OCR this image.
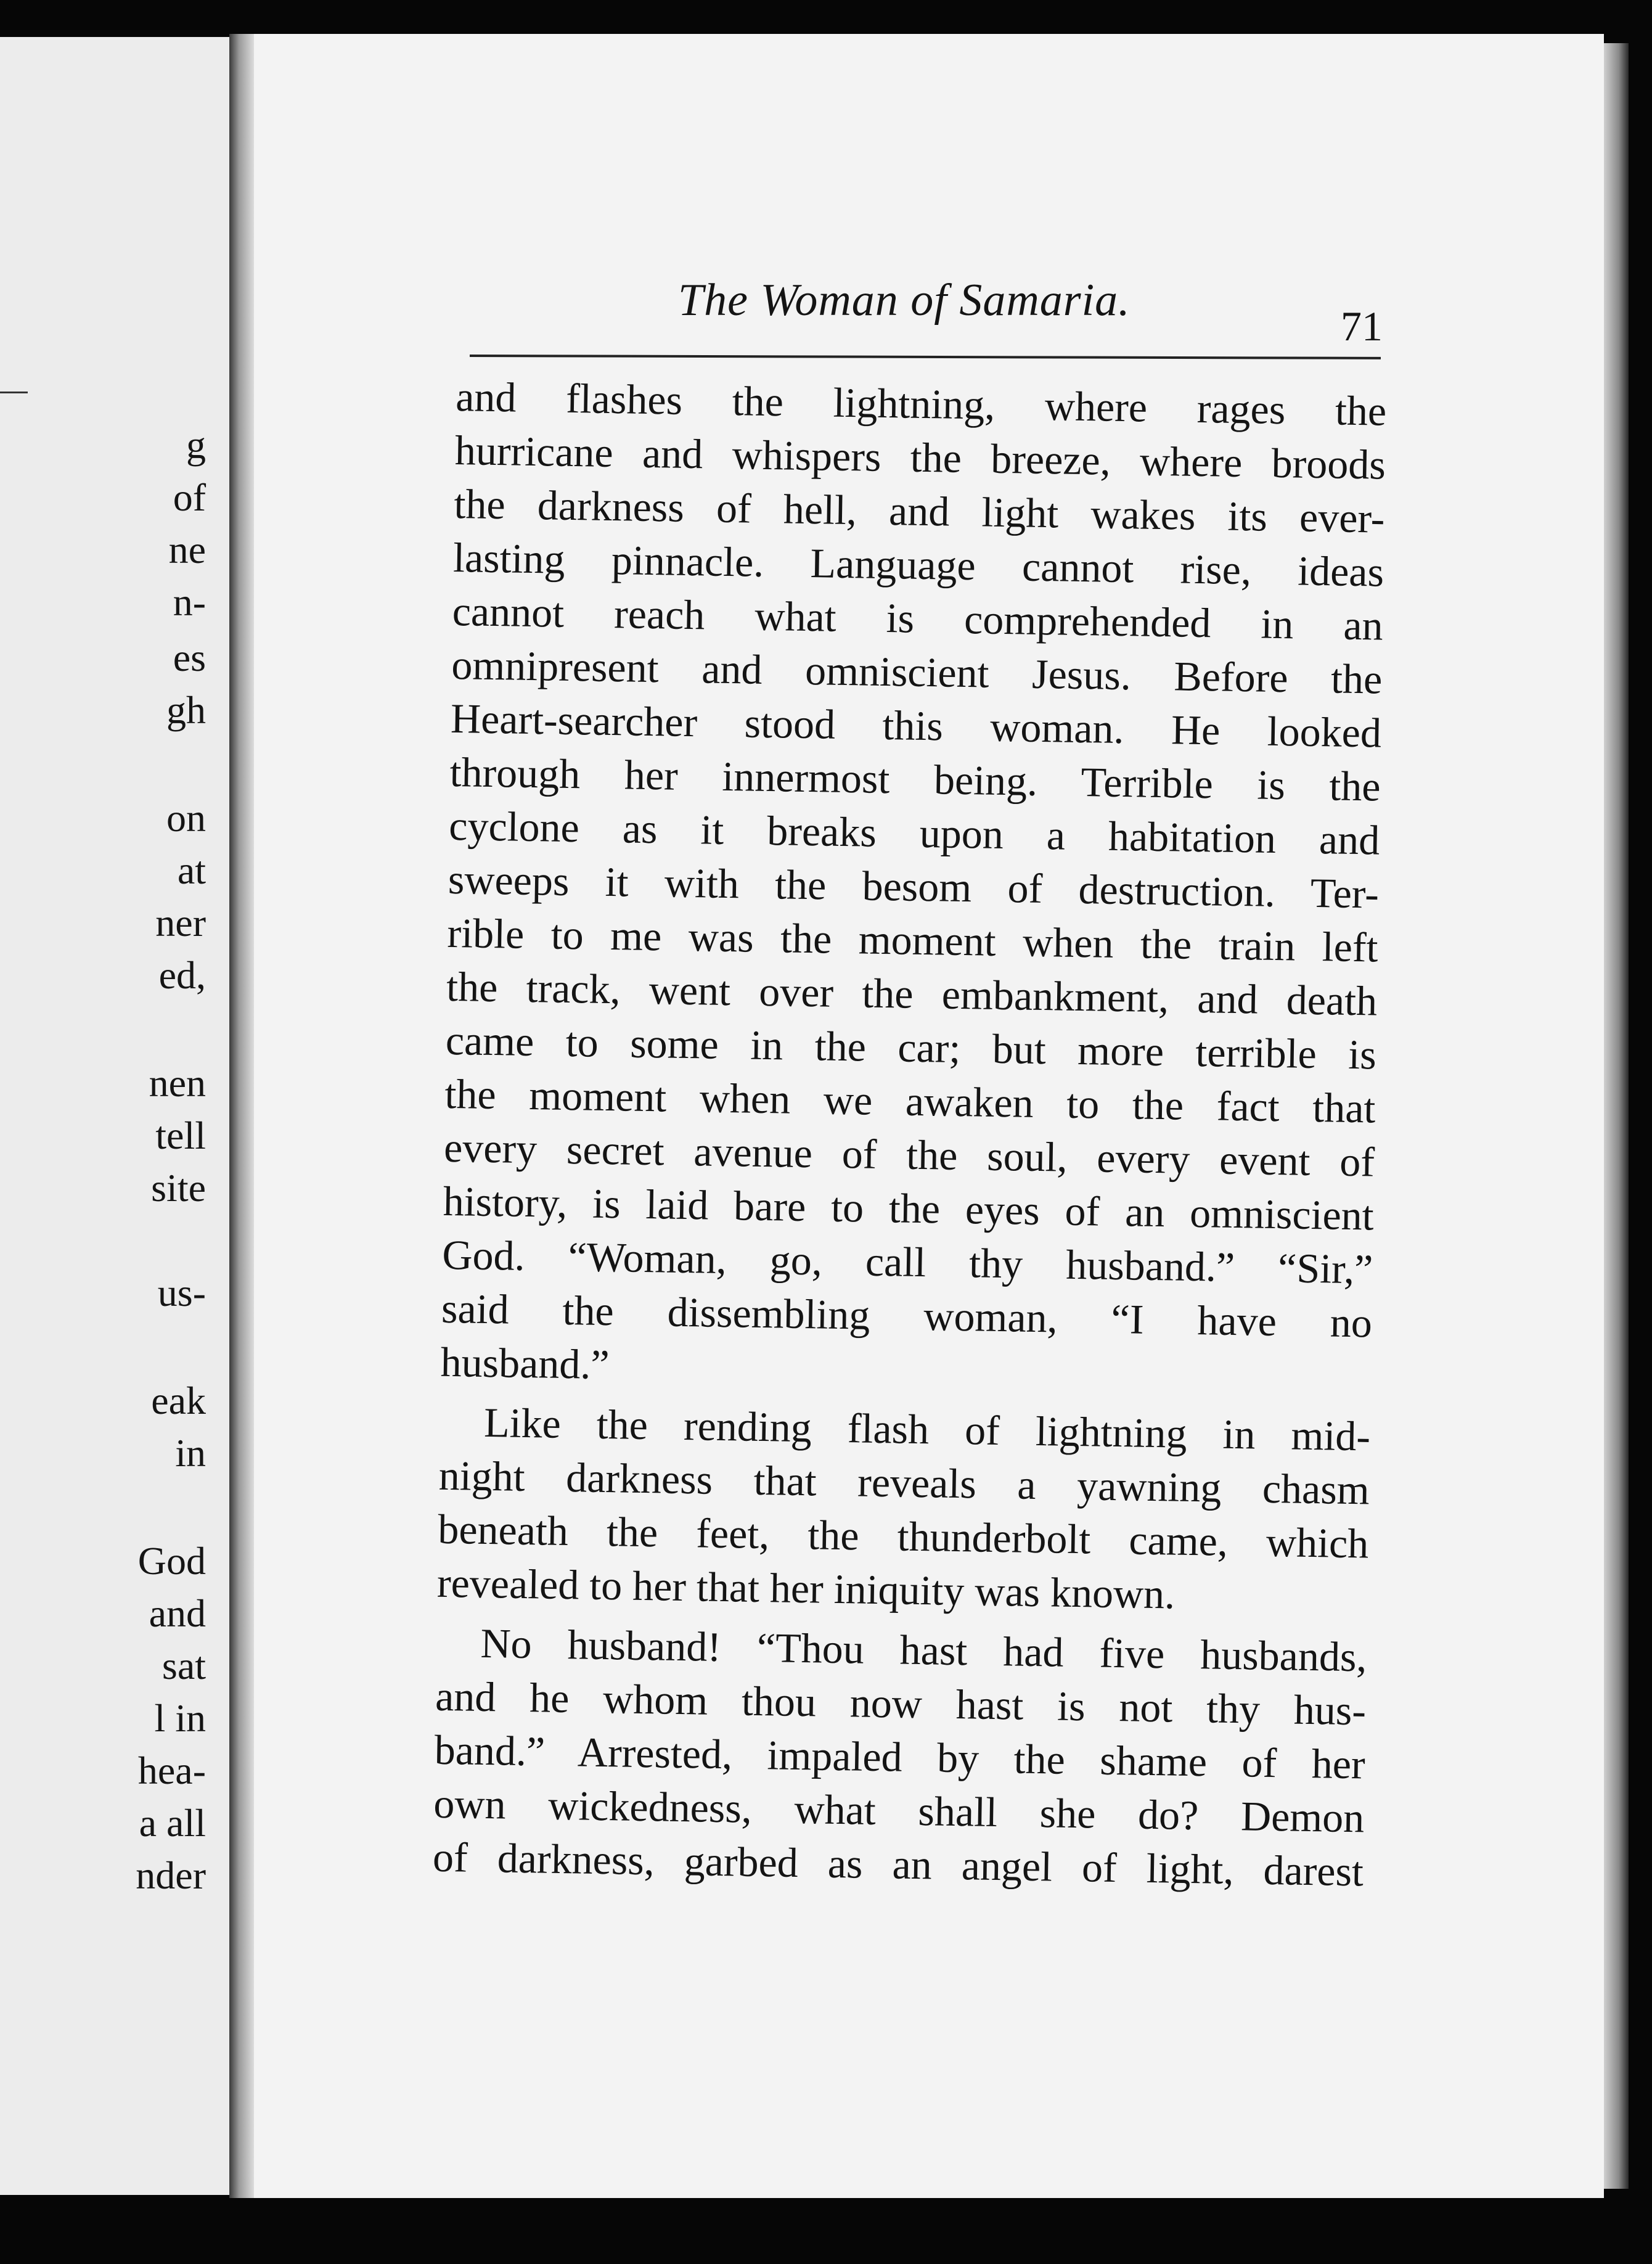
g
of
ne
n-
es
gh
on
at
ner
ed,
nen
tell
site
us-
eak
in
God
and
sat
l in
hea-
a all
nder
The Woman of Samaria.
71
and flashes the lightning, where rages the
hurricane and whispers the breeze, where broods
the darkness of hell, and light wakes its ever-
lasting pinnacle. Language cannot rise, ideas
cannot reach what is comprehended in an
omnipresent and omniscient Jesus. Before the
Heart-searcher stood this woman. He looked
through her innermost being. Terrible is the
cyclone as it breaks upon a habitation and
sweeps it with the besom of destruction. Ter-
rible to me was the moment when the train left
the track, went over the embankment, and death
came to some in the car; but more terrible is
the moment when we awaken to the fact that
every secret avenue of the soul, every event of
history, is laid bare to the eyes of an omniscient
God. “Woman, go, call thy husband.” “Sir,”
said the dissembling woman, “I have no
husband.”
Like the rending flash of lightning in mid-
night darkness that reveals a yawning chasm
beneath the feet, the thunderbolt came, which
revealed to her that her iniquity was known.
No husband! “Thou hast had five husbands,
and he whom thou now hast is not thy hus-
band.” Arrested, impaled by the shame of her
own wickedness, what shall she do? Demon
of darkness, garbed as an angel of light, darest
